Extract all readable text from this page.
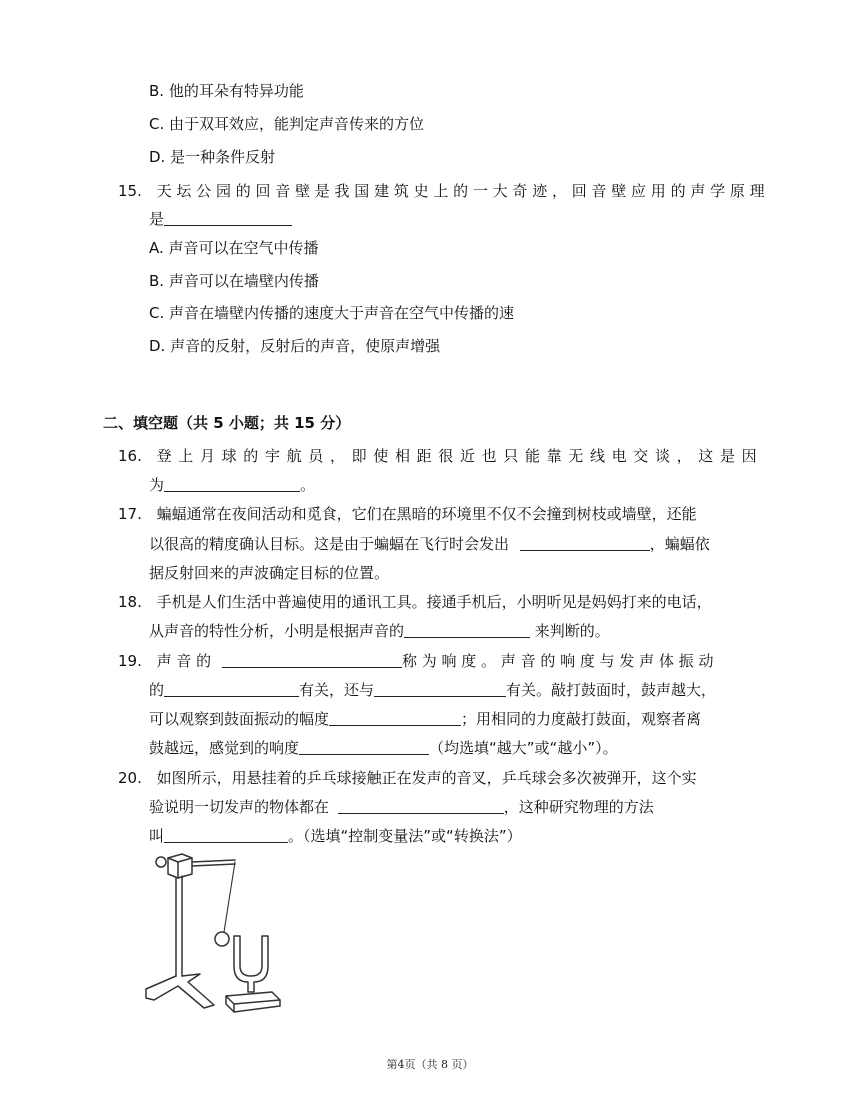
B. 他的耳朵有特异功能
C. 由于双耳效应，能判定声音传来的方位
D. 是一种条件反射
15. 天坛公园的回音壁是我国建筑史上的一大奇迹，回音壁应用的声学原理
是
A. 声音可以在空气中传播
B. 声音可以在墙壁内传播
C. 声音在墙壁内传播的速度大于声音在空气中传播的速
D. 声音的反射，反射后的声音，使原声增强
二、填空题（共 5 小题；共 15 分）
16. 登上月球的宇航员，即使相距很近也只能靠无线电交谈，这是因
为	。
17. 蝙蝠通常在夜间活动和觅食，它们在黑暗的环境里不仅不会撞到树枝或墙壁，还能
以很高的精度确认目标。这是由于蝙蝠在飞行时会发出	，蝙蝠依
据反射回来的声波确定目标的位置。
18. 手机是人们生活中普遍使用的通讯工具。接通手机后，小明听见是妈妈打来的电话，
从声音的特性分析，小明是根据声音的	来判断的。
19. 声 音 的	称 为 响 度 。 声 音 的 响 度 与 发 声 体 振 动
的	有关，还与	有关。敲打鼓面时，鼓声越大，
可以观察到鼓面振动的幅度	；用相同的力度敲打鼓面，观察者离
鼓越远，感觉到的响度	（均选填“越大”或“越小”）。
20. 如图所示，用悬挂着的乒乓球接触正在发声的音叉，乒乓球会多次被弹开，这个实
验说明一切发声的物体都在	，这种研究物理的方法
叫	。（选填“控制变量法”或“转换法”）
第4页（共 8 页）
